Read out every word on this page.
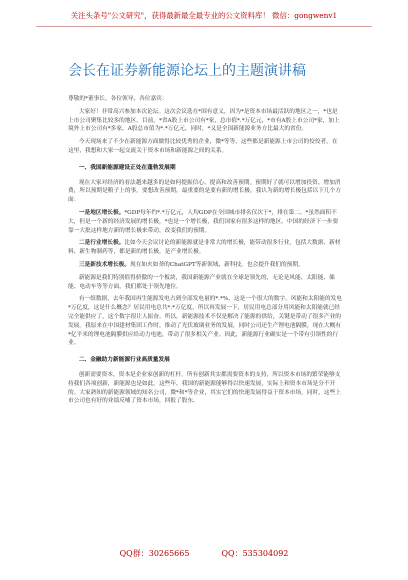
关注头条号"公文研究"，获得最新最全最专业的公文资料库！ 微信：gongwenv1
会长在证券新能源论坛上的主题演讲稿

尊敬的*董事长、各位领导、各位嘉宾：

大家好！非常高兴参加本次论坛。这次会议选在*围有意义，因为*是资本市场最活跃的地区之一，*也是上市公司聚集比较多的地区。目前，*省A股上市公司有*家，总市值*.*万亿元，*市有A股上市公司*家，加上境外上市公司有*多家，A股总市值为*.*万亿元。同时，*又是全国新能源业务方比最大的省份。

今天现场来了不少在新能源方面做得比较优秀的企业，微*等等，这些都是新能源上市公司的佼佼者。在这里，我想和大家一起交流关于资本市场和新能源之间的关系。

一、我国新能源建设正处在蓬勃发展期

现在大家对经济的看法越来越多的是如何提振信心、提高和改善预期。预期好了就可以增加投资、增加消费，所以预期是粮子上的事，要想改善预期，最重要的是要有新的增长极。我认为新的增长极包括以下几个方面：

一是地区增长极。*GDP每年约*.*万亿元，人均GDP在全国城市排名仅次于*，排在第二。*虽然面积不大，但是一个新的经济发展的增长极，*也是一个增长极，我们国家有很多这样的地区。中国的经济下一步要靠一大批这样地方新的增长极来带动，改变我们的预期。

二是行业增长极。比如今天会议讨论的新能源就是非常大的增长极，能带动很多行业，包括大数据、新材料、新生物制药等，都是新的增长极，是产业增长极。

三是新技术增长极。现在如火如荼的ChatGPT等新领域、新科技，也会提升我们的预期。

新能源是我们特别值得骄傲的一个板块，我国新能源产业就在全球是领先的，无论是风能、太阳能、储能、电动车等等方面，我们都处于领先地位。

有一组数据，去年我国再生能源发电占到全部发电量的*.*%，这是一个很大的数字。风能和太阳能的发电*万亿度，这是什么概念？居民用电总共*.*万亿度，所以再发展一下，居民用电总部分用风能和太阳能就已经完全能供应了，这个数字很让人振奋。所以，新能源技术不仅是解决了能源的供给，关键是带动了很多产业的发展。我原来在中国建材集团工作时，推动了光伏玻璃业务的发展，同时公司还生产锂电池隔膜，现在大概有*亿平米的锂电池隔膜供应给动力电池，带动了很多相关产业。因此，新能源行业确实是一个带有引领性的行业。

二、金融助力新能源行业高质量发展

创新需要资本，资本是企业家创新的杠杆。所有创新其实都需要资本的支持，所以资本市场的繁荣能够支持我们各项创新，新能源也是如此。这些年，我国的新能源能够得以快速发展，实际上和资本市场是分不开的。大家熟知的新能源领域的知名公司，微*和*等企业，其实它们的快速发展得益于资本市场，同时，这些上市公司也有好的业绩反哺了资本市场，回报了股东。

QQ群：30265665	QQ：535304092
